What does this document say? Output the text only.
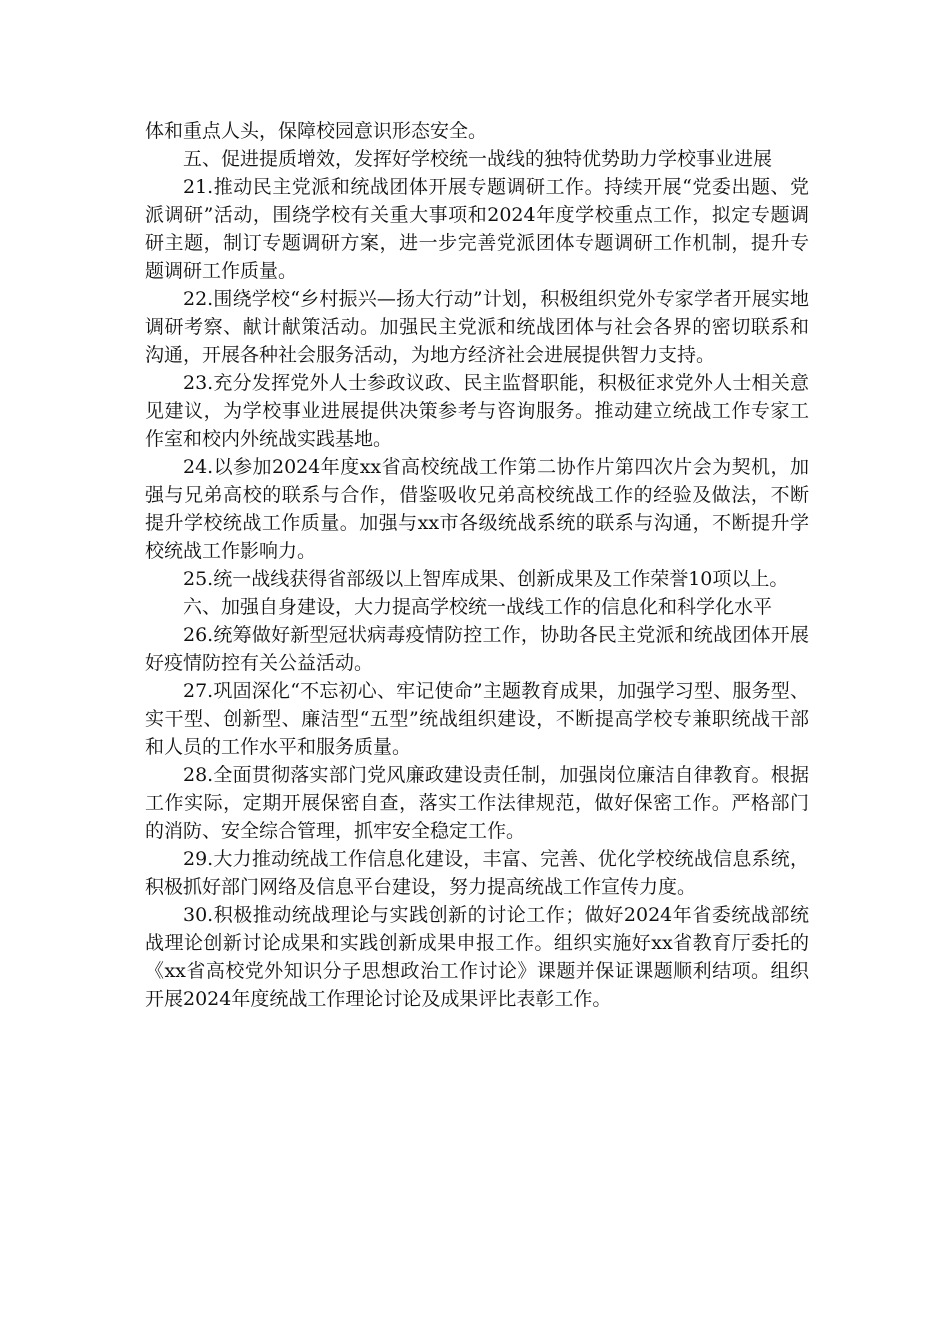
体和重点人头，保障校园意识形态安全。

五、促进提质增效，发挥好学校统一战线的独特优势助力学校事业进展

21.推动民主党派和统战团体开展专题调研工作。持续开展“党委出题、党派调研”活动，围绕学校有关重大事项和2024年度学校重点工作，拟定专题调研主题，制订专题调研方案，进一步完善党派团体专题调研工作机制，提升专题调研工作质量。

22.围绕学校“乡村振兴—扬大行动”计划，积极组织党外专家学者开展实地调研考察、献计献策活动。加强民主党派和统战团体与社会各界的密切联系和沟通，开展各种社会服务活动，为地方经济社会进展提供智力支持。

23.充分发挥党外人士参政议政、民主监督职能，积极征求党外人士相关意见建议，为学校事业进展提供决策参考与咨询服务。推动建立统战工作专家工作室和校内外统战实践基地。

24.以参加2024年度xx省高校统战工作第二协作片第四次片会为契机，加强与兄弟高校的联系与合作，借鉴吸收兄弟高校统战工作的经验及做法，不断提升学校统战工作质量。加强与xx市各级统战系统的联系与沟通，不断提升学校统战工作影响力。

25.统一战线获得省部级以上智库成果、创新成果及工作荣誉10项以上。

六、加强自身建设，大力提高学校统一战线工作的信息化和科学化水平

26.统筹做好新型冠状病毒疫情防控工作，协助各民主党派和统战团体开展好疫情防控有关公益活动。

27.巩固深化“不忘初心、牢记使命”主题教育成果，加强学习型、服务型、实干型、创新型、廉洁型“五型”统战组织建设，不断提高学校专兼职统战干部和人员的工作水平和服务质量。

28.全面贯彻落实部门党风廉政建设责任制，加强岗位廉洁自律教育。根据工作实际，定期开展保密自查，落实工作法律规范，做好保密工作。严格部门的消防、安全综合管理，抓牢安全稳定工作。

29.大力推动统战工作信息化建设，丰富、完善、优化学校统战信息系统，积极抓好部门网络及信息平台建设，努力提高统战工作宣传力度。

30.积极推动统战理论与实践创新的讨论工作；做好2024年省委统战部统战理论创新讨论成果和实践创新成果申报工作。组织实施好xx省教育厅委托的《xx省高校党外知识分子思想政治工作讨论》课题并保证课题顺利结项。组织开展2024年度统战工作理论讨论及成果评比表彰工作。
